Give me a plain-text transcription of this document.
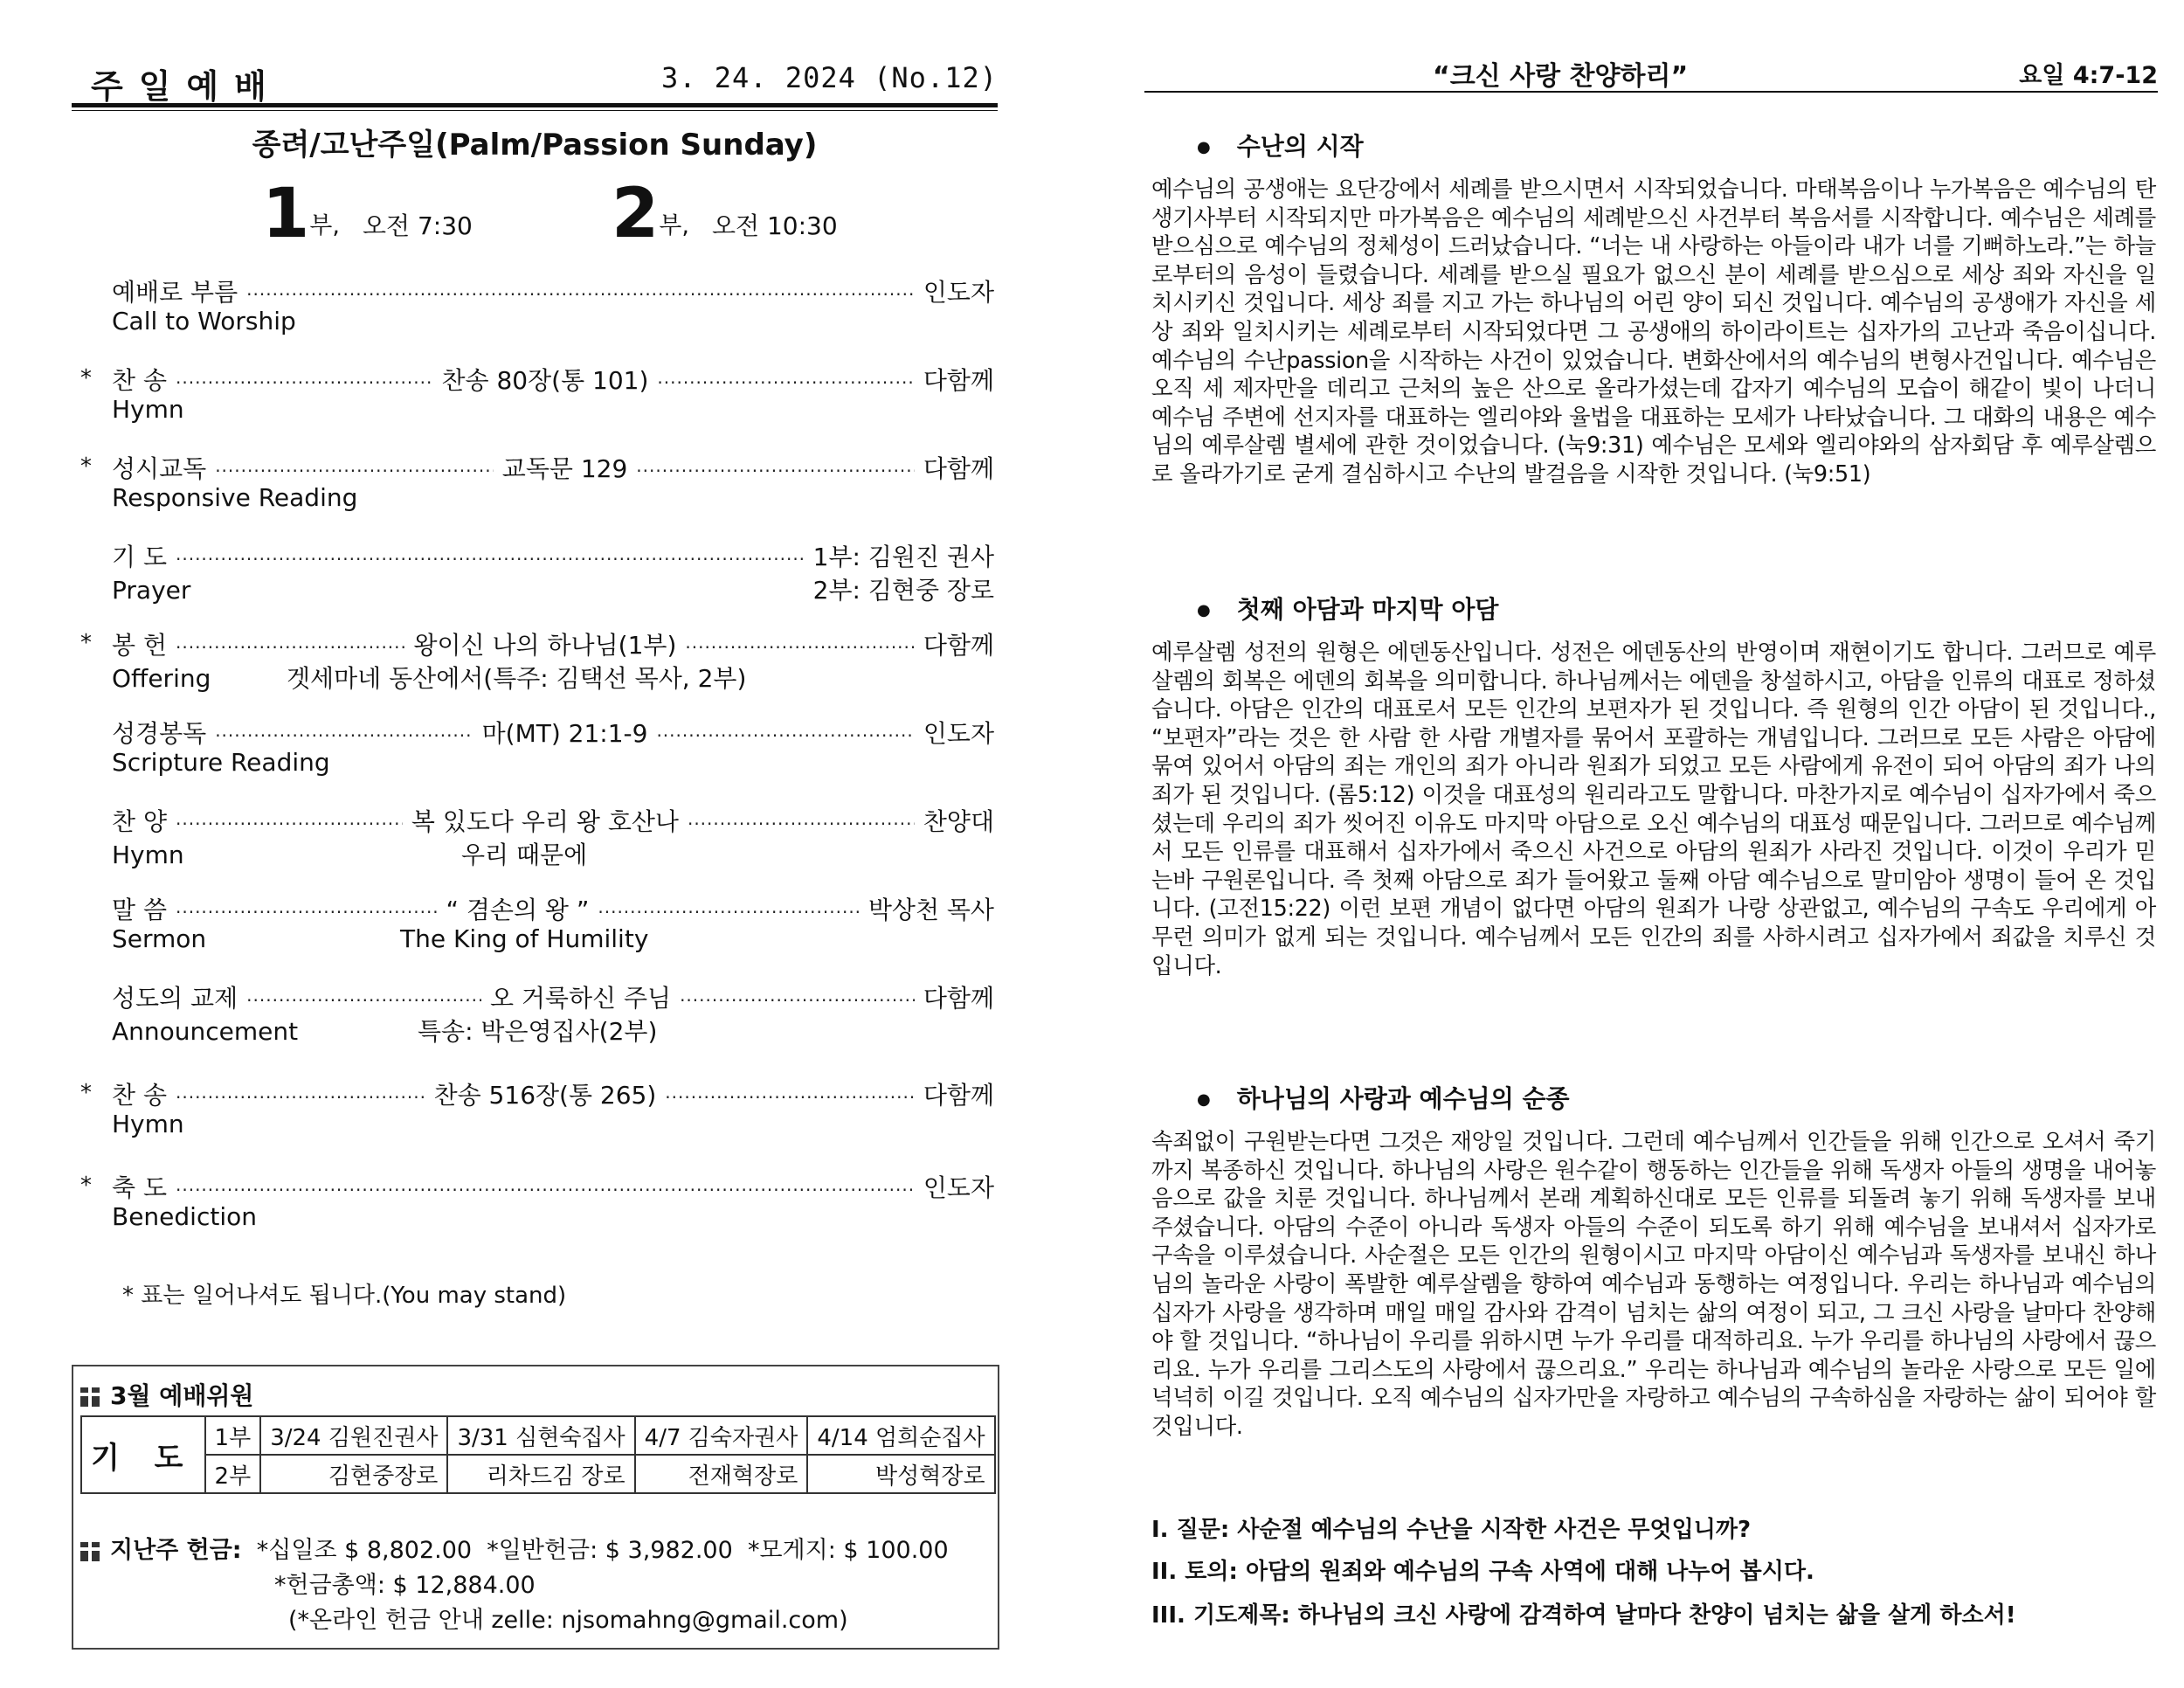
주일예배	3. 24. 2024 (No.12)
종려/고난주일(Palm/Passion Sunday)
1부, 오전 7:30 2부, 오전 10:30
예배로 부름 ·····	인도자
Call to Worship
* 찬 송 ·····	찬송 80장(통 101) ·····	다함께
Hymn
* 성시교독 ·····	교독문 129 ·····	다함께
Responsive Reading
기 도 ·····	1부: 김원진 권사
Prayer	2부: 김현중 장로
* 봉 헌 ·····	왕이신 나의 하나님(1부) ·····	다함께
Offering	겟세마네 동산에서(특주: 김택선 목사, 2부)
성경봉독 ·····	마(MT) 21:1-9 ·····	인도자
Scripture Reading
찬 양 ·····	복 있도다 우리 왕 호산나 ·····	찬양대
Hymn	우리 때문에
말 씀 ·····	“ 겸손의 왕 ” ·····	박상천 목사
Sermon	The King of Humility
성도의 교제 ·····	오 거룩하신 주님 ·····	다함께
Announcement	특송: 박은영집사(2부)
* 찬 송 ·····	찬송 516장(통 265) ·····	다함께
Hymn
* 축 도 ·····	인도자
Benediction
* 표는 일어나셔도 됩니다.(You may stand)
3월 예배위원
기 도	1부	3/24 김원진권사	3/31 심현숙집사	4/7 김숙자권사	4/14 엄희순집사
	2부	김현중장로	리차드김 장로	전재혁장로	박성혁장로
지난주 헌금: *십일조 $ 8,802.00 *일반헌금: $ 3,982.00 *모게지: $ 100.00
*헌금총액: $ 12,884.00
(*온라인 헌금 안내 zelle: njsomahng@gmail.com)
“크신 사랑 찬양하리”	요일 4:7-12
● 수난의 시작
예수님의 공생애는 요단강에서 세례를 받으시면서 시작되었습니다. 마태복음이나 누가복음은 예수님의 탄생기사부터 시작되지만 마가복음은 예수님의 세례받으신 사건부터 복음서를 시작합니다. 예수님은 세례를 받으심으로 예수님의 정체성이 드러났습니다. “너는 내 사랑하는 아들이라 내가 너를 기뻐하노라.”는 하늘로부터의 음성이 들렸습니다. 세례를 받으실 필요가 없으신 분이 세례를 받으심으로 세상 죄와 자신을 일치시키신 것입니다. 세상 죄를 지고 가는 하나님의 어린 양이 되신 것입니다. 예수님의 공생애가 자신을 세상 죄와 일치시키는 세례로부터 시작되었다면 그 공생애의 하이라이트는 십자가의 고난과 죽음이십니다. 예수님의 수난passion을 시작하는 사건이 있었습니다. 변화산에서의 예수님의 변형사건입니다. 예수님은 오직 세 제자만을 데리고 근처의 높은 산으로 올라가셨는데 갑자기 예수님의 모습이 해같이 빛이 나더니 예수님 주변에 선지자를 대표하는 엘리야와 율법을 대표하는 모세가 나타났습니다. 그 대화의 내용은 예수님의 예루살렘 별세에 관한 것이었습니다. (눅9:31) 예수님은 모세와 엘리야와의 삼자회담 후 예루살렘으로 올라가기로 굳게 결심하시고 수난의 발걸음을 시작한 것입니다. (눅9:51)
● 첫째 아담과 마지막 아담
예루살렘 성전의 원형은 에덴동산입니다. 성전은 에덴동산의 반영이며 재현이기도 합니다. 그러므로 예루살렘의 회복은 에덴의 회복을 의미합니다. 하나님께서는 에덴을 창설하시고, 아담을 인류의 대표로 정하셨습니다. 아담은 인간의 대표로서 모든 인간의 보편자가 된 것입니다. 즉 원형의 인간 아담이 된 것입니다., “보편자”라는 것은 한 사람 한 사람 개별자를 묶어서 포괄하는 개념입니다. 그러므로 모든 사람은 아담에 묶여 있어서 아담의 죄는 개인의 죄가 아니라 원죄가 되었고 모든 사람에게 유전이 되어 아담의 죄가 나의 죄가 된 것입니다. (롬5:12) 이것을 대표성의 원리라고도 말합니다. 마찬가지로 예수님이 십자가에서 죽으셨는데 우리의 죄가 씻어진 이유도 마지막 아담으로 오신 예수님의 대표성 때문입니다. 그러므로 예수님께서 모든 인류를 대표해서 십자가에서 죽으신 사건으로 아담의 원죄가 사라진 것입니다. 이것이 우리가 믿는바 구원론입니다. 즉 첫째 아담으로 죄가 들어왔고 둘째 아담 예수님으로 말미암아 생명이 들어 온 것입니다. (고전15:22) 이런 보편 개념이 없다면 아담의 원죄가 나랑 상관없고, 예수님의 구속도 우리에게 아무런 의미가 없게 되는 것입니다. 예수님께서 모든 인간의 죄를 사하시려고 십자가에서 죄값을 치루신 것입니다.
● 하나님의 사랑과 예수님의 순종
속죄없이 구원받는다면 그것은 재앙일 것입니다. 그런데 예수님께서 인간들을 위해 인간으로 오셔서 죽기까지 복종하신 것입니다. 하나님의 사랑은 원수같이 행동하는 인간들을 위해 독생자 아들의 생명을 내어놓음으로 값을 치룬 것입니다. 하나님께서 본래 계획하신대로 모든 인류를 되돌려 놓기 위해 독생자를 보내주셨습니다. 아담의 수준이 아니라 독생자 아들의 수준이 되도록 하기 위해 예수님을 보내셔서 십자가로 구속을 이루셨습니다. 사순절은 모든 인간의 원형이시고 마지막 아담이신 예수님과 독생자를 보내신 하나님의 놀라운 사랑이 폭발한 예루살렘을 향하여 예수님과 동행하는 여정입니다. 우리는 하나님과 예수님의 십자가 사랑을 생각하며 매일 매일 감사와 감격이 넘치는 삶의 여정이 되고, 그 크신 사랑을 날마다 찬양해야 할 것입니다. “하나님이 우리를 위하시면 누가 우리를 대적하리요. 누가 우리를 하나님의 사랑에서 끊으리요. 누가 우리를 그리스도의 사랑에서 끊으리요.” 우리는 하나님과 예수님의 놀라운 사랑으로 모든 일에 넉넉히 이길 것입니다. 오직 예수님의 십자가만을 자랑하고 예수님의 구속하심을 자랑하는 삶이 되어야 할 것입니다.
I. 질문: 사순절 예수님의 수난을 시작한 사건은 무엇입니까?
II. 토의: 아담의 원죄와 예수님의 구속 사역에 대해 나누어 봅시다.
III. 기도제목: 하나님의 크신 사랑에 감격하여 날마다 찬양이 넘치는 삶을 살게 하소서!
